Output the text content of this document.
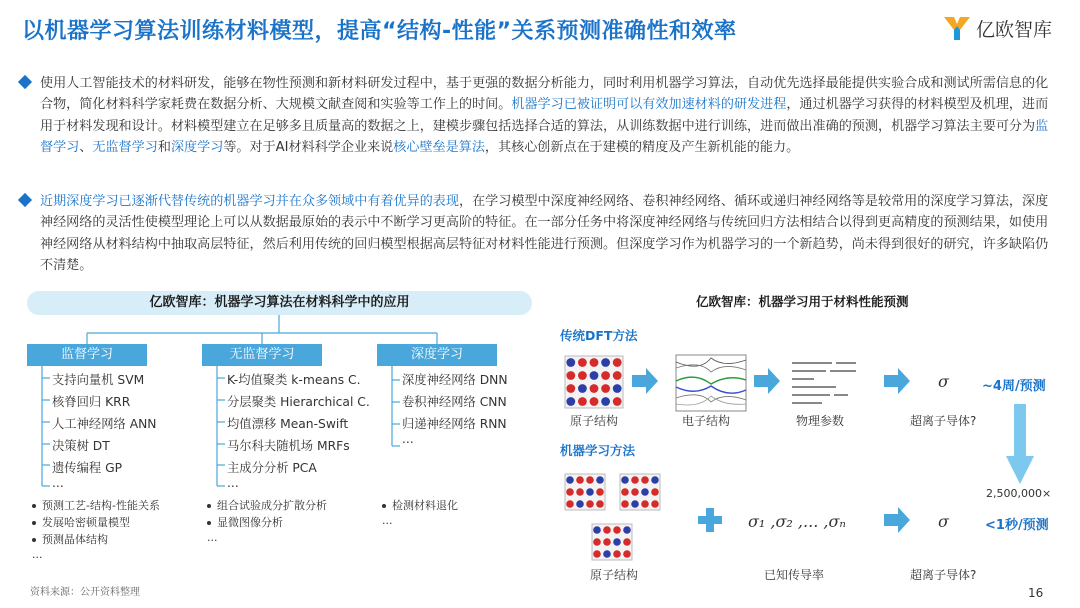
以机器学习算法训练材料模型，提高“结构-性能”关系预测准确性和效率	亿欧智库
使用人工智能技术的材料研发，能够在物性预测和新材料研发过程中，基于更强的数据分析能力，同时利用机器学习算法，自动优先选择最能提供实验合成和测试所需信息的化合物，简化材料科学家耗费在数据分析、大规模文献查阅和实验等工作上的时间。机器学习已被证明可以有效加速材料的研发进程，通过机器学习获得的材料模型及机理，进而用于材料发现和设计。材料模型建立在足够多且质量高的数据之上，建模步骤包括选择合适的算法，从训练数据中进行训练，进而做出准确的预测，机器学习算法主要可分为监督学习、无监督学习和深度学习等。对于AI材料科学企业来说核心壁垒是算法，其核心创新点在于建模的精度及产生新机能的能力。
近期深度学习已逐渐代替传统的机器学习并在众多领域中有着优异的表现，在学习模型中深度神经网络、卷积神经网络、循环或递归神经网络等是较常用的深度学习算法，深度神经网络的灵活性使模型理论上可以从数据最原始的表示中不断学习更高阶的特征。在一部分任务中将深度神经网络与传统回归方法相结合以得到更高精度的预测结果，如使用神经网络从材料结构中抽取高层特征，然后利用传统的回归模型根据高层特征对材料性能进行预测。但深度学习作为机器学习的一个新趋势，尚未得到很好的研究，许多缺陷仍不清楚。
亿欧智库：机器学习算法在材料科学中的应用
监督学习
支持向量机 SVM
核脊回归 KRR
人工神经网络 ANN
决策树 DT
遗传编程 GP
...
预测工艺-结构-性能关系
发展哈密顿量模型
预测晶体结构
...
无监督学习
K-均值聚类 k-means C.
分层聚类 Hierarchical C.
均值漂移 Mean-Swift
马尔科夫随机场 MRFs
主成分分析 PCA
...
组合试验成分扩散分析
显微图像分析
...
深度学习
深度神经网络 DNN
卷积神经网络 CNN
归递神经网络 RNN
...
检测材料退化
...
亿欧智库：机器学习用于材料性能预测
传统DFT方法
机器学习方法
原子结构	电子结构	物理参数	超离子导体?
σ	~4周/预测
2,500,000×
σ₁ ,σ₂ ,... ,σₙ	σ	<1秒/预测
原子结构	已知传导率	超离子导体?
资料来源：公开资料整理	16
